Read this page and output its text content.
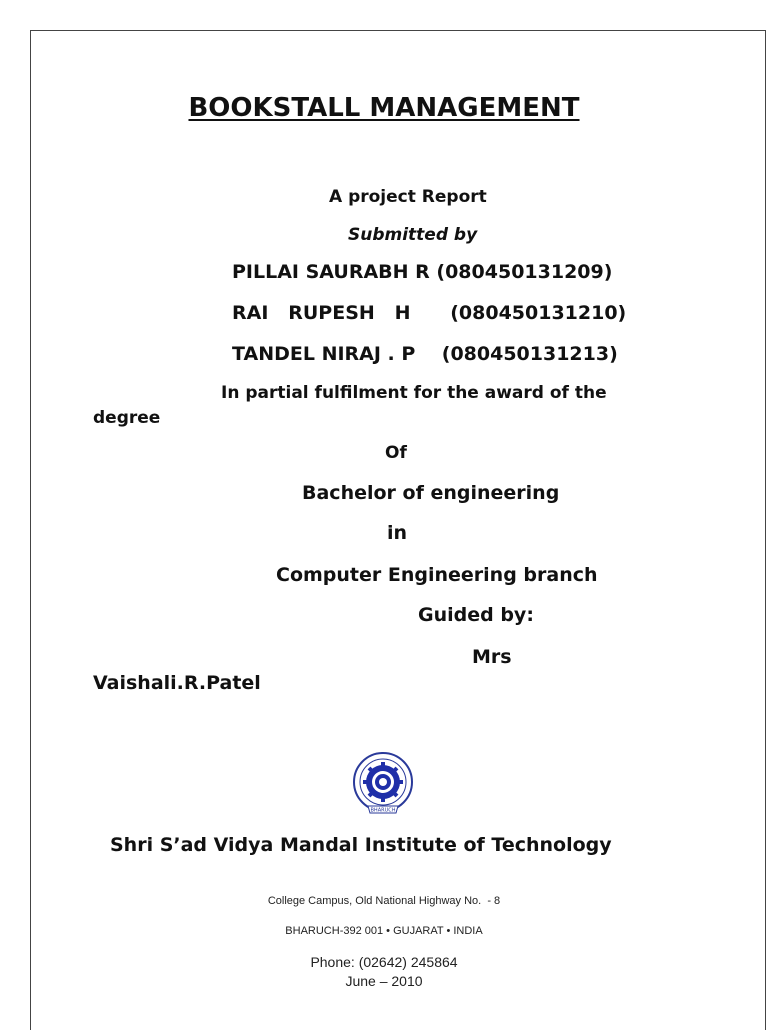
BOOKSTALL MANAGEMENT
A project Report
Submitted by
PILLAI SAURABH R (080450131209)
RAI   RUPESH   H      (080450131210)
TANDEL NIRAJ . P    (080450131213)
In partial fulfilment for the award of the
degree
Of
Bachelor of engineering
in
Computer Engineering branch
Guided by:
Mrs
Vaishali.R.Patel
BHARUCH
Shri S’ad Vidya Mandal Institute of Technology
College Campus, Old National Highway No.  - 8
BHARUCH-392 001 • GUJARAT • INDIA
Phone: (02642) 245864
June – 2010
